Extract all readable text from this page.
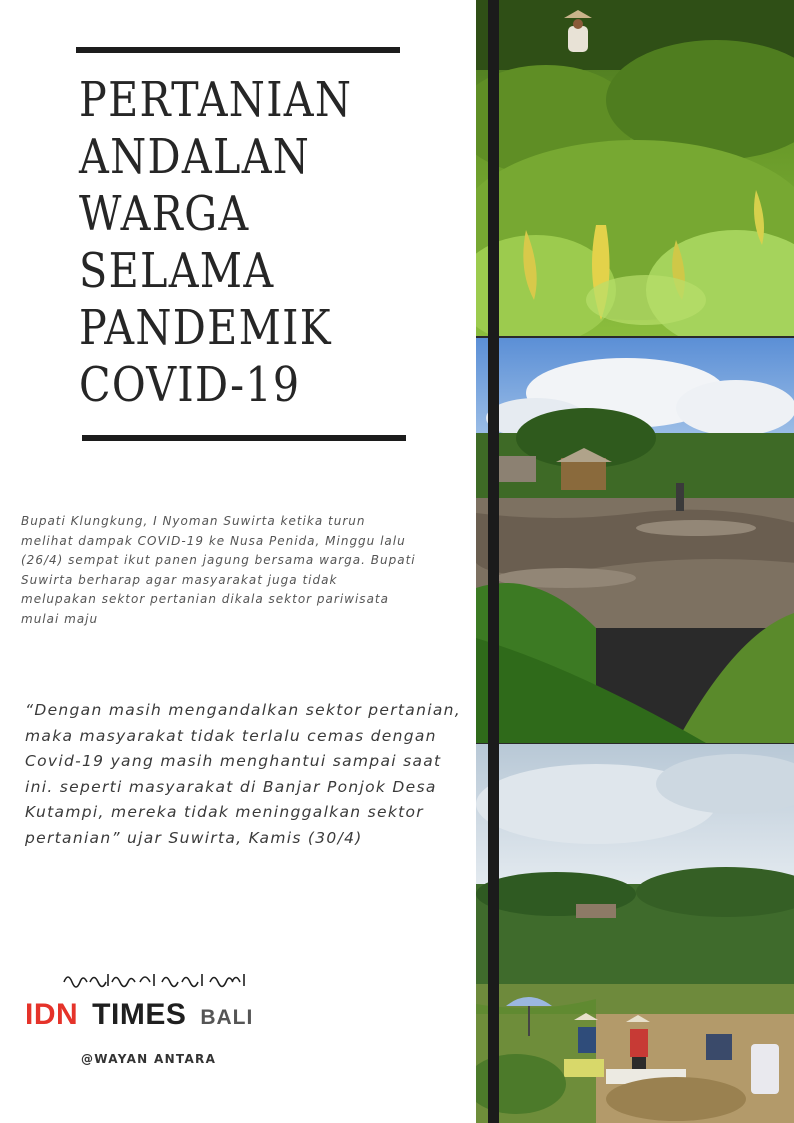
PERTANIAN
ANDALAN
WARGA
SELAMA
PANDEMIK
COVID-19

Bupati Klungkung, I Nyoman Suwirta ketika turun melihat dampak COVID-19 ke Nusa Penida, Minggu lalu (26/4) sempat ikut panen jagung bersama warga. Bupati Suwirta berharap agar masyarakat juga tidak melupakan sektor pertanian dikala sektor pariwisata mulai maju

“Dengan masih mengandalkan sektor pertanian, maka masyarakat tidak terlalu cemas dengan Covid-19 yang masih menghantui sampai saat ini. seperti masyarakat di Banjar Ponjok Desa Kutampi, mereka tidak meninggalkan sektor pertanian” ujar Suwirta, Kamis (30/4)

IDN TIMES BALI
@WAYAN ANTARA
